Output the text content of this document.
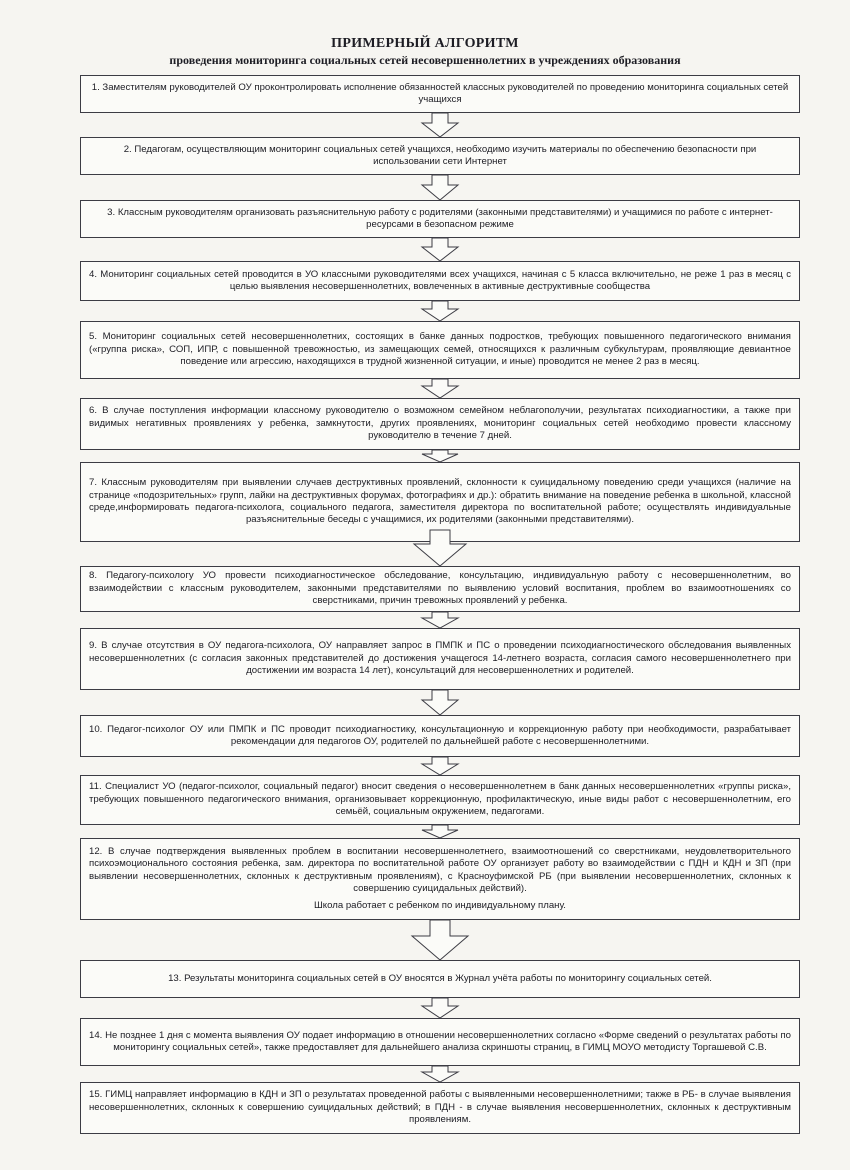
ПРИМЕРНЫЙ АЛГОРИТМ
проведения мониторинга социальных сетей несовершеннолетних в учреждениях образования

1. Заместителям руководителей ОУ проконтролировать исполнение обязанностей классных руководителей по проведению мониторинга социальных сетей учащихся

2. Педагогам, осуществляющим мониторинг социальных сетей учащихся, необходимо изучить материалы по обеспечению безопасности при использовании сети Интернет

3. Классным руководителям организовать разъяснительную работу с родителями (законными представителями) и учащимися по работе с интернет-ресурсами в безопасном режиме

4. Мониторинг социальных сетей проводится в УО классными руководителями всех учащихся, начиная с 5 класса включительно, не реже 1 раз в месяц с целью выявления несовершеннолетних, вовлеченных в активные деструктивные сообщества

5. Мониторинг социальных сетей несовершеннолетних, состоящих в банке данных подростков, требующих повышенного педагогического внимания («группа риска», СОП, ИПР, с повышенной тревожностью, из замещающих семей, относящихся к различным субкультурам, проявляющие девиантное поведение или агрессию, находящихся в трудной жизненной ситуации, и иные) проводится не менее 2 раз в месяц.

6. В случае поступления информации классному руководителю о возможном семейном неблагополучии, результатах психодиагностики, а также при видимых негативных проявлениях у ребенка, замкнутости, других проявлениях, мониторинг социальных сетей необходимо провести классному руководителю в течение 7 дней.

7. Классным руководителям при выявлении случаев деструктивных проявлений, склонности к суицидальному поведению среди учащихся (наличие на странице «подозрительных» групп, лайки на деструктивных форумах, фотографиях и др.): обратить внимание на поведение ребенка в школьной, классной среде,информировать педагога-психолога, социального педагога, заместителя директора по воспитательной работе; осуществлять индивидуальные разъяснительные беседы с учащимися, их родителями (законными представителями).

8. Педагогу-психологу УО провести психодиагностическое обследование, консультацию, индивидуальную работу с несовершеннолетним, во взаимодействии с классным руководителем, законными представителями по выявлению условий воспитания, проблем во взаимоотношениях со сверстниками, причин тревожных проявлений у ребенка.

9. В случае отсутствия в ОУ педагога-психолога, ОУ направляет запрос в ПМПК и ПС о проведении психодиагностического обследования выявленных несовершеннолетних (с согласия законных представителей до достижения учащегося 14-летнего возраста, согласия самого несовершеннолетнего при достижении им возраста 14 лет), консультаций для несовершеннолетних и родителей.

10. Педагог-психолог ОУ или ПМПК и ПС проводит психодиагностику, консультационную и коррекционную работу при необходимости, разрабатывает рекомендации для педагогов ОУ, родителей по дальнейшей работе с несовершеннолетними.

11. Специалист УО (педагог-психолог, социальный педагог) вносит сведения о несовершеннолетнем в банк данных несовершеннолетних «группы риска», требующих повышенного педагогического внимания, организовывает коррекционную, профилактическую, иные виды работ с несовершеннолетним, его семьёй, социальным окружением, педагогами.

12. В случае подтверждения выявленных проблем в воспитании несовершеннолетнего, взаимоотношений со сверстниками, неудовлетворительного психоэмоционального состояния ребенка, зам. директора по воспитательной работе ОУ организует работу во взаимодействии с ПДН и КДН и ЗП (при выявлении несовершеннолетних, склонных к деструктивным проявлениям), с Красноуфимской РБ (при выявлении несовершеннолетних, склонных к совершению суицидальных действий).

Школа работает с ребенком по индивидуальному плану.

13. Результаты мониторинга социальных сетей в ОУ вносятся в Журнал учёта работы по мониторингу социальных сетей.

14. Не позднее 1 дня с момента выявления ОУ подает информацию в отношении несовершеннолетних согласно «Форме сведений о результатах работы по мониторингу социальных сетей», также предоставляет для дальнейшего анализа скриншоты страниц, в ГИМЦ МОУО методисту Торгашевой С.В.

15. ГИМЦ направляет информацию в КДН и ЗП о результатах проведенной работы с выявленными несовершеннолетними; также в РБ- в случае выявления несовершеннолетних, склонных к совершению суицидальных действий; в ПДН - в случае выявления несовершеннолетних, склонных к деструктивным проявлениям.
